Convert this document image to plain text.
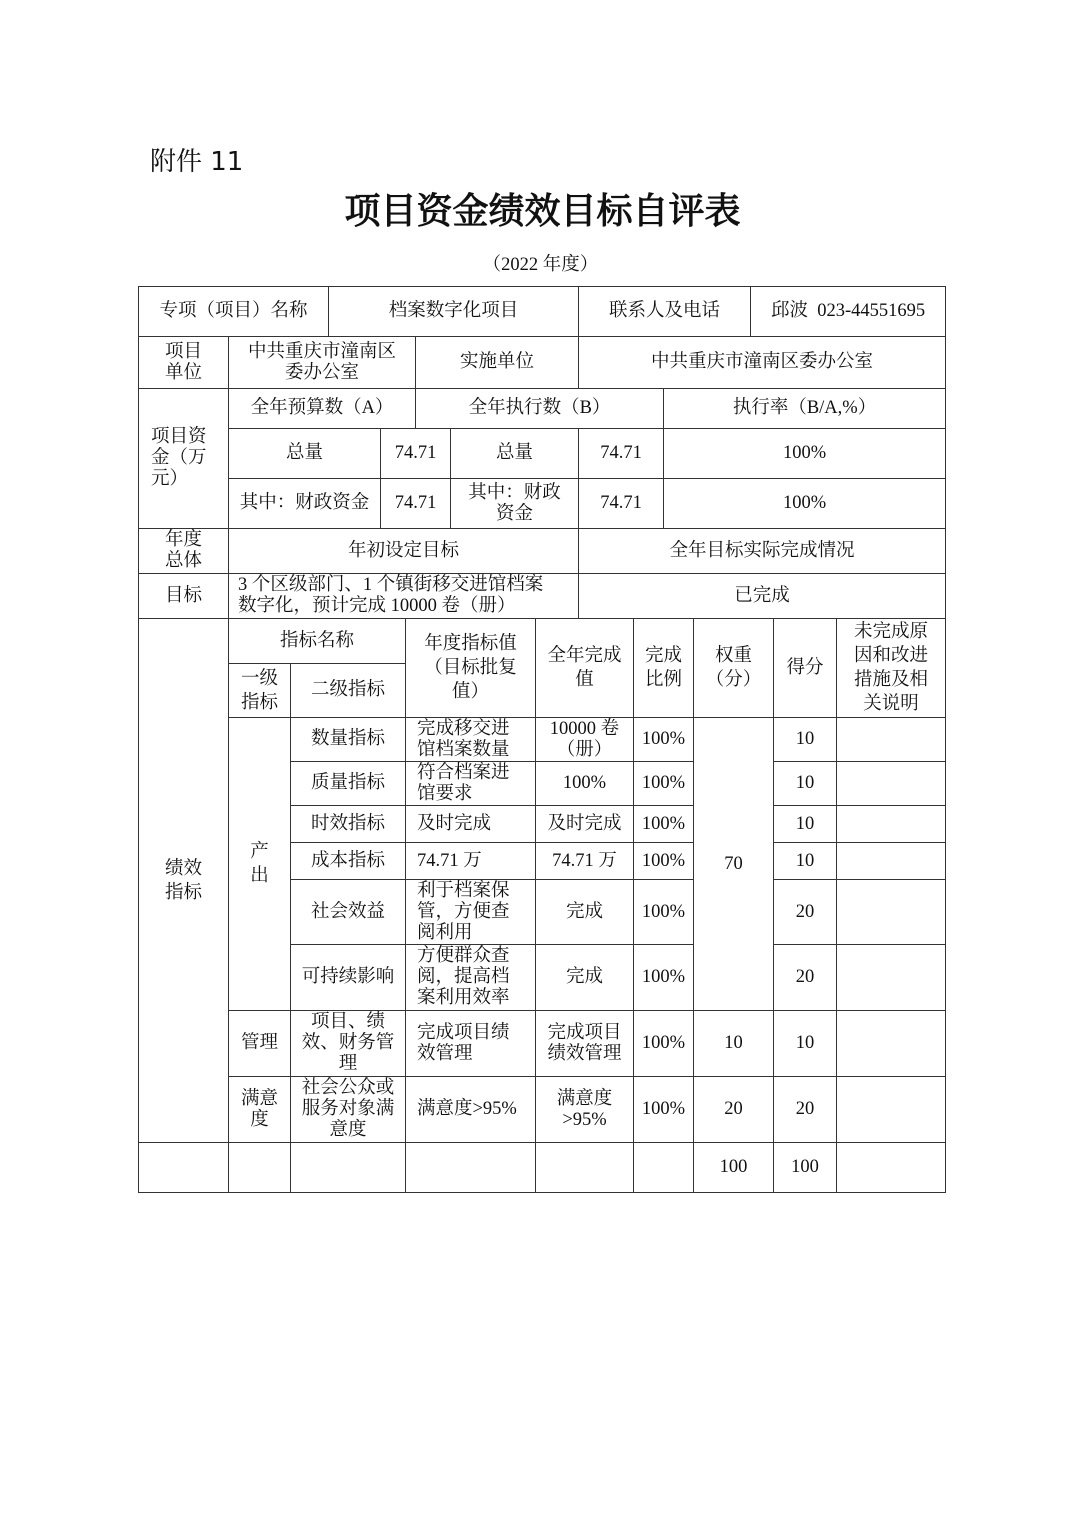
附件 11
项目资金绩效目标自评表
（2022 年度）
专项（项目）名称			档案数字化项目						联系人及电话				邱波  023-44551695		

项目单位	中共重庆市潼南区委办公室					实施单位			中共重庆市潼南区委办公室						

项目资金（万元）	全年预算数（A）					全年执行数（B）					执行率（B/A,%）				
	总量			74.71			总量		74.71		100%				
	其中：财政资金			74.71			其中：财政资金		74.71		100%				

年度总体	年初设定目标								全年目标实际完成情况						
目标	3 个区级部门、1 个镇街移交进馆档案数字化，预计完成 10000 卷（册）								已完成						

绩效指标	指标名称				年度指标值（目标批复值）			全年完成值		完成比例		权重（分）		得分	未完成原因和改进措施及相关说明

	一级指标	二级指标													

	产出	数量指标			完成移交进馆档案数量			10000 卷（册）		100%		70		10	
		质量指标			符合档案进馆要求			100%		100%				10	
		时效指标			及时完成			及时完成		100%				10	
		成本指标			74.71 万			74.71 万		100%				10	
		社会效益			利于档案保管，方便查阅利用			完成		100%				20	
		可持续影响			方便群众查阅，提高档案利用效率			完成		100%				20	
	管理	项目、绩效、财务管理			完成项目绩效管理			完成项目绩效管理		100%		10		10	

	满意度	社会公众或服务对象满意度			满意度>95%			满意度>95%		100%		20		20	
												100		100	
